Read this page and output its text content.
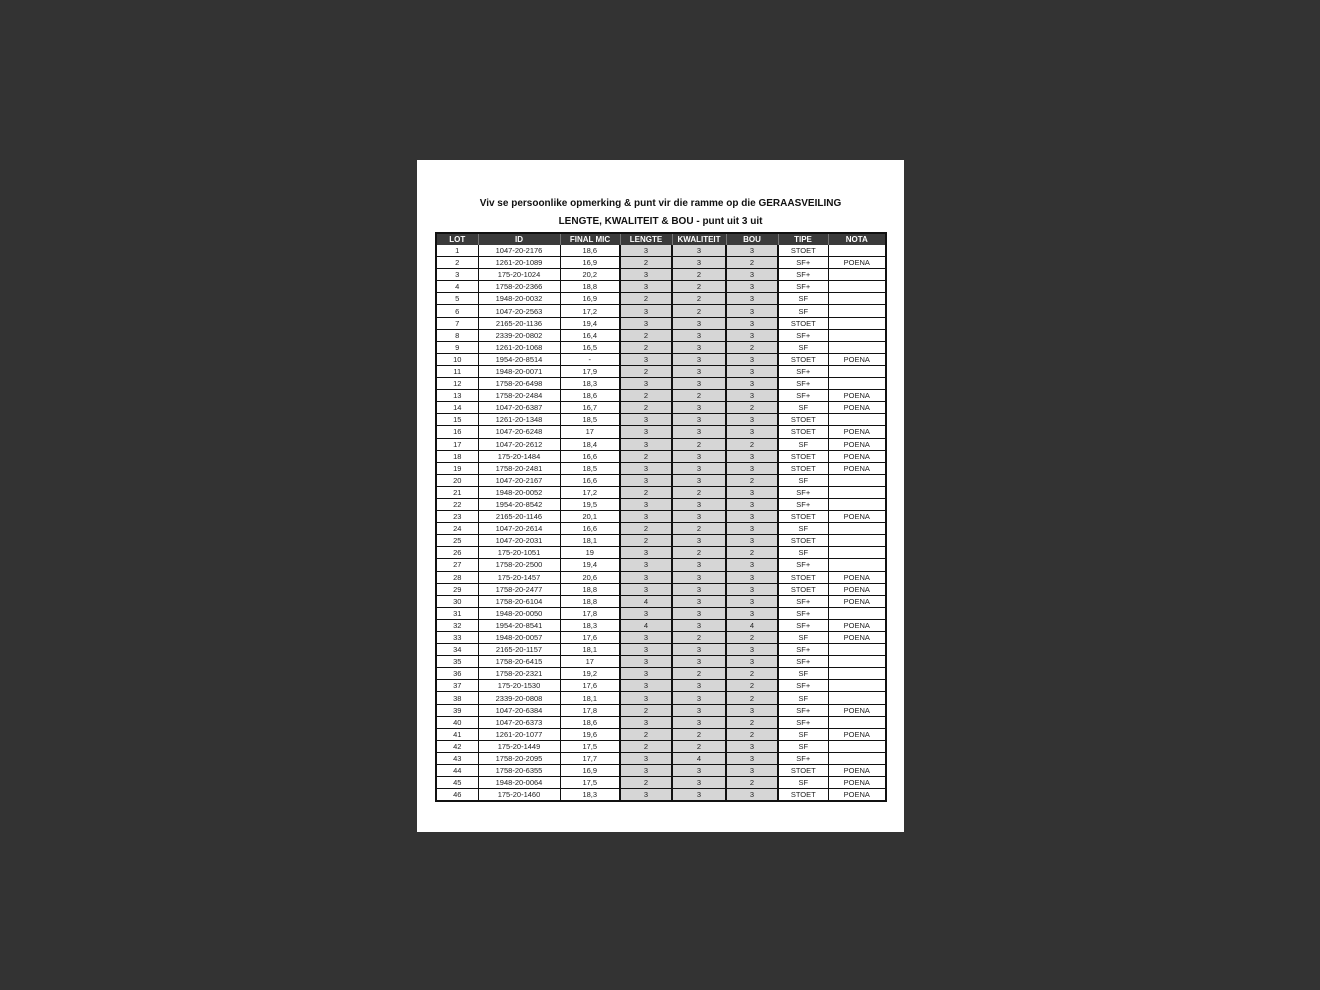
Viv se persoonlike opmerking & punt vir die ramme op die GERAASVEILING
LENGTE, KWALITEIT & BOU - punt uit 3 uit
LOT	ID	FINAL MIC	LENGTE	KWALITEIT	BOU	TIPE	NOTA
1	1047-20-2176	18,6	3	3	3	STOET	
2	1261-20-1089	16,9	2	3	2	SF+	POENA
3	175-20-1024	20,2	3	2	3	SF+	
4	1758-20-2366	18,8	3	2	3	SF+	
5	1948-20-0032	16,9	2	2	3	SF	
6	1047-20-2563	17,2	3	2	3	SF	
7	2165-20-1136	19,4	3	3	3	STOET	
8	2339-20-0802	16,4	2	3	3	SF+	
9	1261-20-1068	16,5	2	3	2	SF	
10	1954-20-8514	-	3	3	3	STOET	POENA
11	1948-20-0071	17,9	2	3	3	SF+	
12	1758-20-6498	18,3	3	3	3	SF+	
13	1758-20-2484	18,6	2	2	3	SF+	POENA
14	1047-20-6387	16,7	2	3	2	SF	POENA
15	1261-20-1348	18,5	3	3	3	STOET	
16	1047-20-6248	17	3	3	3	STOET	POENA
17	1047-20-2612	18,4	3	2	2	SF	POENA
18	175-20-1484	16,6	2	3	3	STOET	POENA
19	1758-20-2481	18,5	3	3	3	STOET	POENA
20	1047-20-2167	16,6	3	3	2	SF	
21	1948-20-0052	17,2	2	2	3	SF+	
22	1954-20-8542	19,5	3	3	3	SF+	
23	2165-20-1146	20,1	3	3	3	STOET	POENA
24	1047-20-2614	16,6	2	2	3	SF	
25	1047-20-2031	18,1	2	3	3	STOET	
26	175-20-1051	19	3	2	2	SF	
27	1758-20-2500	19,4	3	3	3	SF+	
28	175-20-1457	20,6	3	3	3	STOET	POENA
29	1758-20-2477	18,8	3	3	3	STOET	POENA
30	1758-20-6104	18,8	4	3	3	SF+	POENA
31	1948-20-0050	17,8	3	3	3	SF+	
32	1954-20-8541	18,3	4	3	4	SF+	POENA
33	1948-20-0057	17,6	3	2	2	SF	POENA
34	2165-20-1157	18,1	3	3	3	SF+	
35	1758-20-6415	17	3	3	3	SF+	
36	1758-20-2321	19,2	3	2	2	SF	
37	175-20-1530	17,6	3	3	2	SF+	
38	2339-20-0808	18,1	3	3	2	SF	
39	1047-20-6384	17,8	2	3	3	SF+	POENA
40	1047-20-6373	18,6	3	3	2	SF+	
41	1261-20-1077	19,6	2	2	2	SF	POENA
42	175-20-1449	17,5	2	2	3	SF	
43	1758-20-2095	17,7	3	4	3	SF+	
44	1758-20-6355	16,9	3	3	3	STOET	POENA
45	1948-20-0064	17,5	2	3	2	SF	POENA
46	175-20-1460	18,3	3	3	3	STOET	POENA
